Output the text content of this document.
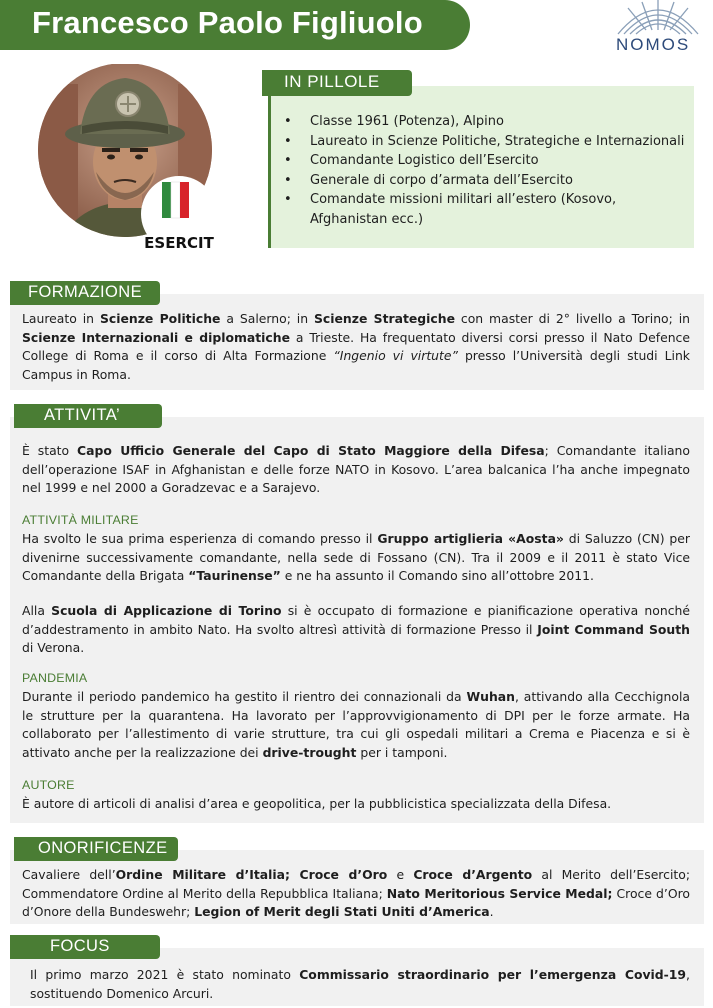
Francesco Paolo Figliuolo
NOMOS
ESERCIT
IN PILLOLE
• Classe 1961 (Potenza), Alpino
• Laureato in Scienze Politiche, Strategiche e Internazionali
• Comandante Logistico dell’Esercito
• Generale di corpo d’armata dell’Esercito
• Comandate missioni militari all’estero (Kosovo, Afghanistan ecc.)
FORMAZIONE
Laureato in Scienze Politiche a Salerno; in Scienze Strategiche con master di 2° livello a Torino; in Scienze Internazionali e diplomatiche a Trieste. Ha frequentato diversi corsi presso il Nato Defence College di Roma e il corso di Alta Formazione “Ingenio vi virtute” presso l’Università degli studi Link Campus in Roma.
ATTIVITA’
È stato Capo Ufficio Generale del Capo di Stato Maggiore della Difesa; Comandante italiano dell’operazione ISAF in Afghanistan e delle forze NATO in Kosovo. L’area balcanica l’ha anche impegnato nel 1999 e nel 2000 a Goradzevac e a Sarajevo.
ATTIVITÀ MILITARE
Ha svolto le sua prima esperienza di comando presso il Gruppo artiglieria «Aosta» di Saluzzo (CN) per divenirne successivamente comandante, nella sede di Fossano (CN). Tra il 2009 e il 2011 è stato Vice Comandante della Brigata “Taurinense” e ne ha assunto il Comando sino all’ottobre 2011.
Alla Scuola di Applicazione di Torino si è occupato di formazione e pianificazione operativa nonché d’addestramento in ambito Nato. Ha svolto altresì attività di formazione Presso il Joint Command South di Verona.
PANDEMIA
Durante il periodo pandemico ha gestito il rientro dei connazionali da Wuhan, attivando alla Cecchignola le strutture per la quarantena. Ha lavorato per l’approvvigionamento di DPI per le forze armate. Ha collaborato per l’allestimento di varie strutture, tra cui gli ospedali militari a Crema e Piacenza e si è attivato anche per la realizzazione dei drive-trought per i tamponi.
AUTORE
È autore di articoli di analisi d’area e geopolitica, per la pubblicistica specializzata della Difesa.
ONORIFICENZE
Cavaliere dell’Ordine Militare d’Italia; Croce d’Oro e Croce d’Argento al Merito dell’Esercito; Commendatore Ordine al Merito della Repubblica Italiana; Nato Meritorious Service Medal; Croce d’Oro d’Onore della Bundeswehr; Legion of Merit degli Stati Uniti d’America.
FOCUS
Il primo marzo 2021 è stato nominato Commissario straordinario per l’emergenza Covid-19, sostituendo Domenico Arcuri.
